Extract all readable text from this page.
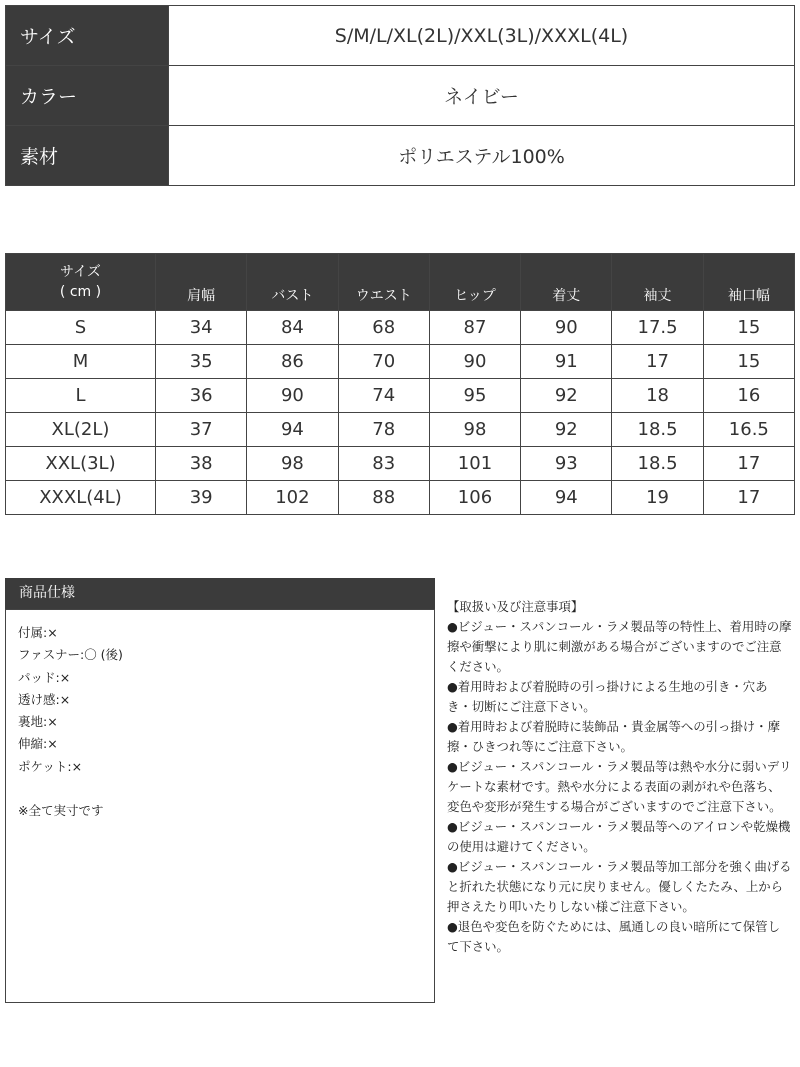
サイズ	S/M/L/XL(2L)/XXL(3L)/XXXL(4L)
カラー	ネイビー
素材	ポリエステル100%
サイズ
( cm )	肩幅	バスト	ウエスト	ヒップ	着丈	袖丈	袖口幅
S	34	84	68	87	90	17.5	15
M	35	86	70	90	91	17	15
L	36	90	74	95	92	18	16
XL(2L)	37	94	78	98	92	18.5	16.5
XXL(3L)	38	98	83	101	93	18.5	17
XXXL(4L)	39	102	88	106	94	19	17
商品仕様
付属:×
ファスナー:〇 (後)
パッド:×
透け感:×
裏地:×
伸縮:×
ポケット:×
※全て実寸です
【取扱い及び注意事項】
●ビジュー・スパンコール・ラメ製品等の特性上、着用時の摩擦や衝撃により肌に刺激がある場合がございますのでご注意ください。
●着用時および着脱時の引っ掛けによる生地の引き・穴あき・切断にご注意下さい。
●着用時および着脱時に装飾品・貴金属等への引っ掛け・摩擦・ひきつれ等にご注意下さい。
●ビジュー・スパンコール・ラメ製品等は熱や水分に弱いデリケートな素材です。熱や水分による表面の剥がれや色落ち、変色や変形が発生する場合がございますのでご注意下さい。
●ビジュー・スパンコール・ラメ製品等へのアイロンや乾燥機の使用は避けてください。
●ビジュー・スパンコール・ラメ製品等加工部分を強く曲げると折れた状態になり元に戻りません。優しくたたみ、上から押さえたり叩いたりしない様ご注意下さい。
●退色や変色を防ぐためには、風通しの良い暗所にて保管して下さい。
